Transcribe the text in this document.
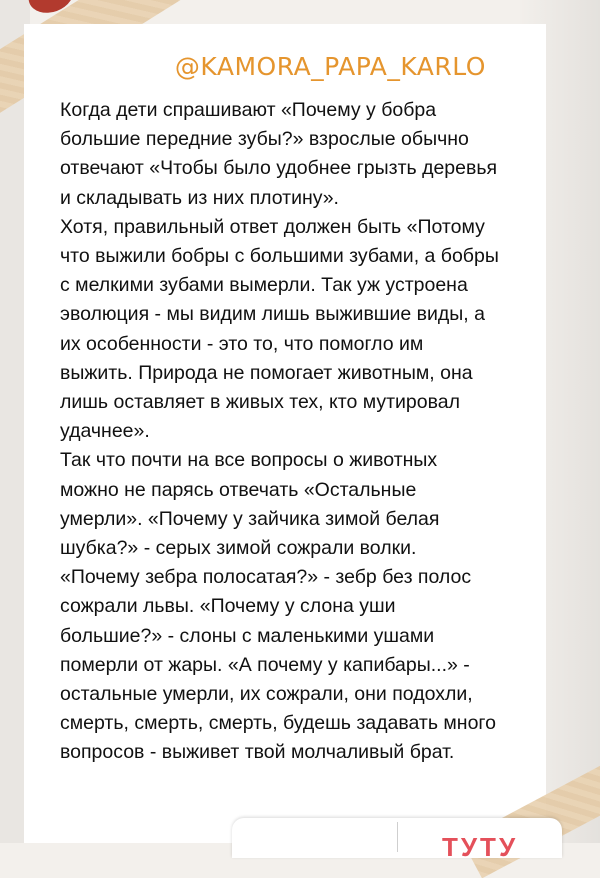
@KAMORA_PAPA_KARLO

Когда дети спрашивают «Почему у бобра большие передние зубы?» взрослые обычно отвечают «Чтобы было удобнее грызть деревья и складывать из них плотину».

Хотя, правильный ответ должен быть «Потому что выжили бобры с большими зубами, а бобры с мелкими зубами вымерли. Так уж устроена эволюция - мы видим лишь выжившие виды, а их особенности - это то, что помогло им выжить. Природа не помогает животным, она лишь оставляет в живых тех, кто мутировал удачнее».

Так что почти на все вопросы о животных можно не парясь отвечать «Остальные умерли». «Почему у зайчика зимой белая шубка?» - серых зимой сожрали волки. «Почему зебра полосатая?» - зебр без полос сожрали львы. «Почему у слона уши большие?» - слоны с маленькими ушами померли от жары. «А почему у капибары...» - остальные умерли, их сожрали, они подохли, смерть, смерть, смерть, будешь задавать много вопросов - выживет твой молчаливый брат.

ТУТУ
